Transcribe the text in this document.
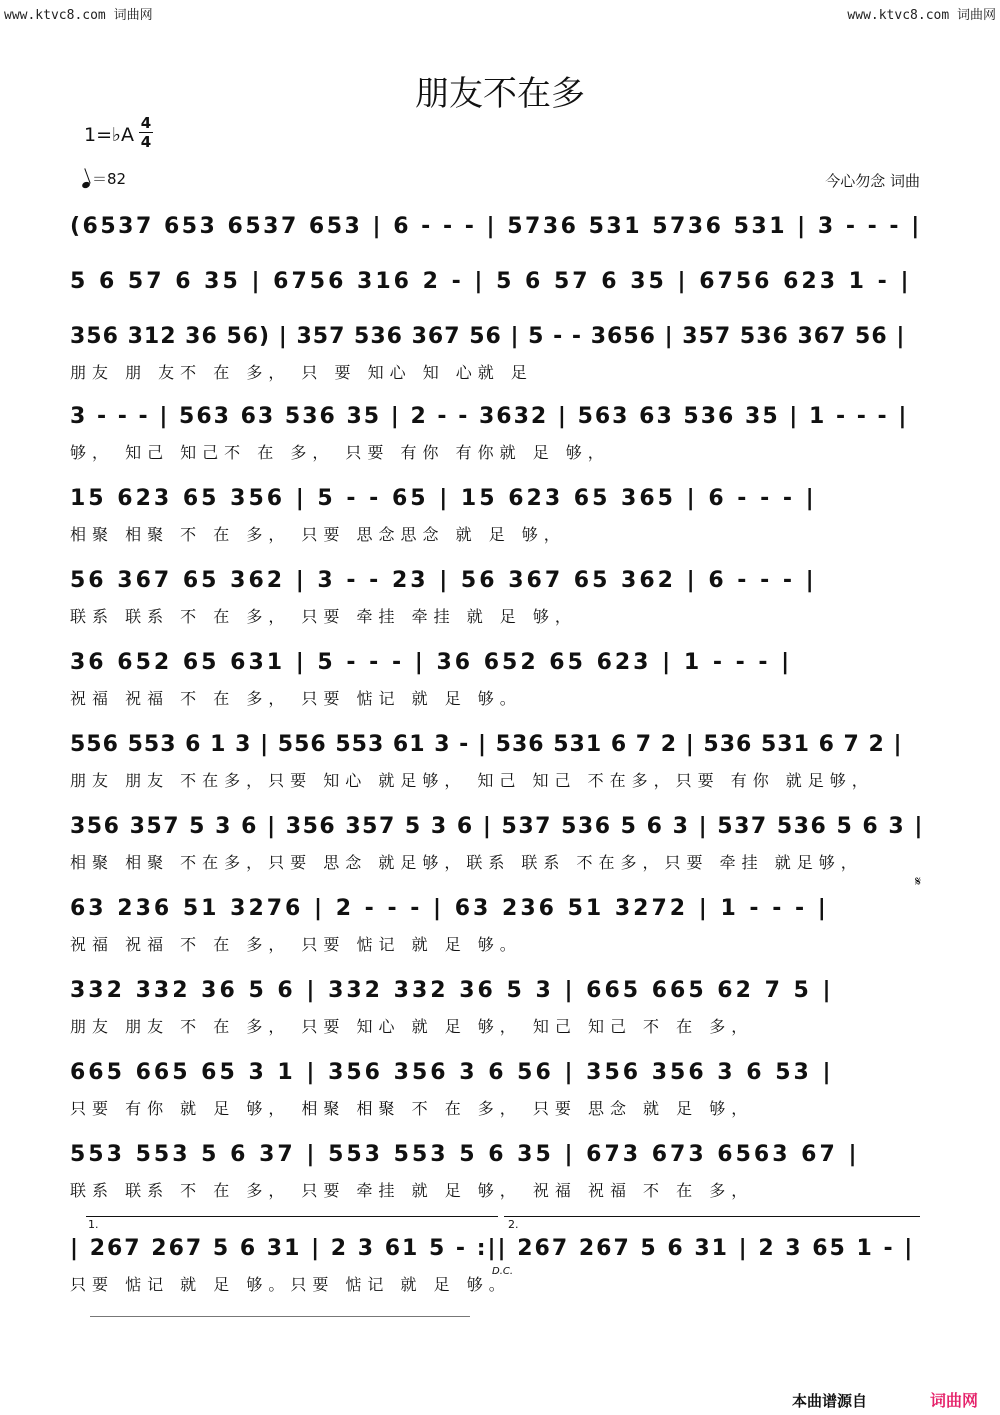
www.ktvc8.com 词曲网	www.ktvc8.com 词曲网
朋友不在多
1=♭A
4
4
＝82	今心勿念 词曲
(6537 653 6537 653 | 6 - - - | 5736 531 5736 531 | 3 - - - |
5 6 57 6 35 | 6756 316 2 - | 5 6 57 6 35 | 6756 623 1 - |
356 312 36 56) | 357 536 367 56 | 5 - - 3656 | 357 536 367 56 |
朋友 朋 友不 在 多， 只 要 知心 知 心就 足
3 - - - | 563 63 536 35 | 2 - - 3632 | 563 63 536 35 | 1 - - - |
够， 知己 知己不 在 多， 只要 有你 有你就 足 够，
15 623 65 356 | 5 - - 65 | 15 623 65 365 | 6 - - - |
相聚 相聚 不 在 多， 只要 思念思念 就 足 够，
56 367 65 362 | 3 - - 23 | 56 367 65 362 | 6 - - - |
联系 联系 不 在 多， 只要 牵挂 牵挂 就 足 够，
36 652 65 631 | 5 - - - | 36 652 65 623 | 1 - - - |
祝福 祝福 不 在 多， 只要 惦记 就 足 够。
556 553 6 1 3 | 556 553 61 3 - | 536 531 6 7 2 | 536 531 6 7 2 |
朋友 朋友 不在多，只要 知心 就足够， 知己 知己 不在多，只要 有你 就足够，
356 357 5 3 6 | 356 357 5 3 6 | 537 536 5 6 3 | 537 536 5 6 3 |
相聚 相聚 不在多，只要 思念 就足够，联系 联系 不在多，只要 牵挂 就足够，
63 236 51 3276 | 2 - - - | 63 236 51 3272 | 1 - - - |
祝福 祝福 不 在 多， 只要 惦记 就 足 够。
332 332 36 5 6 | 332 332 36 5 3 | 665 665 62 7 5 |
朋友 朋友 不 在 多， 只要 知心 就 足 够， 知己 知己 不 在 多，
665 665 65 3 1 | 356 356 3 6 56 | 356 356 3 6 53 |
只要 有你 就 足 够， 相聚 相聚 不 在 多， 只要 思念 就 足 够，
553 553 5 6 37 | 553 553 5 6 35 | 673 673 6563 67 |
联系 联系 不 在 多， 只要 牵挂 就 足 够， 祝福 祝福 不 在 多，
| 267 267 5 6 31 | 2 3 61 5 - :|| 267 267 5 6 31 | 2 3 65 1 - |
只要 惦记 就 足 够。只要 惦记 就 足 够。
1.	2.
D.C.
𝄋
本曲谱源自	词曲网
